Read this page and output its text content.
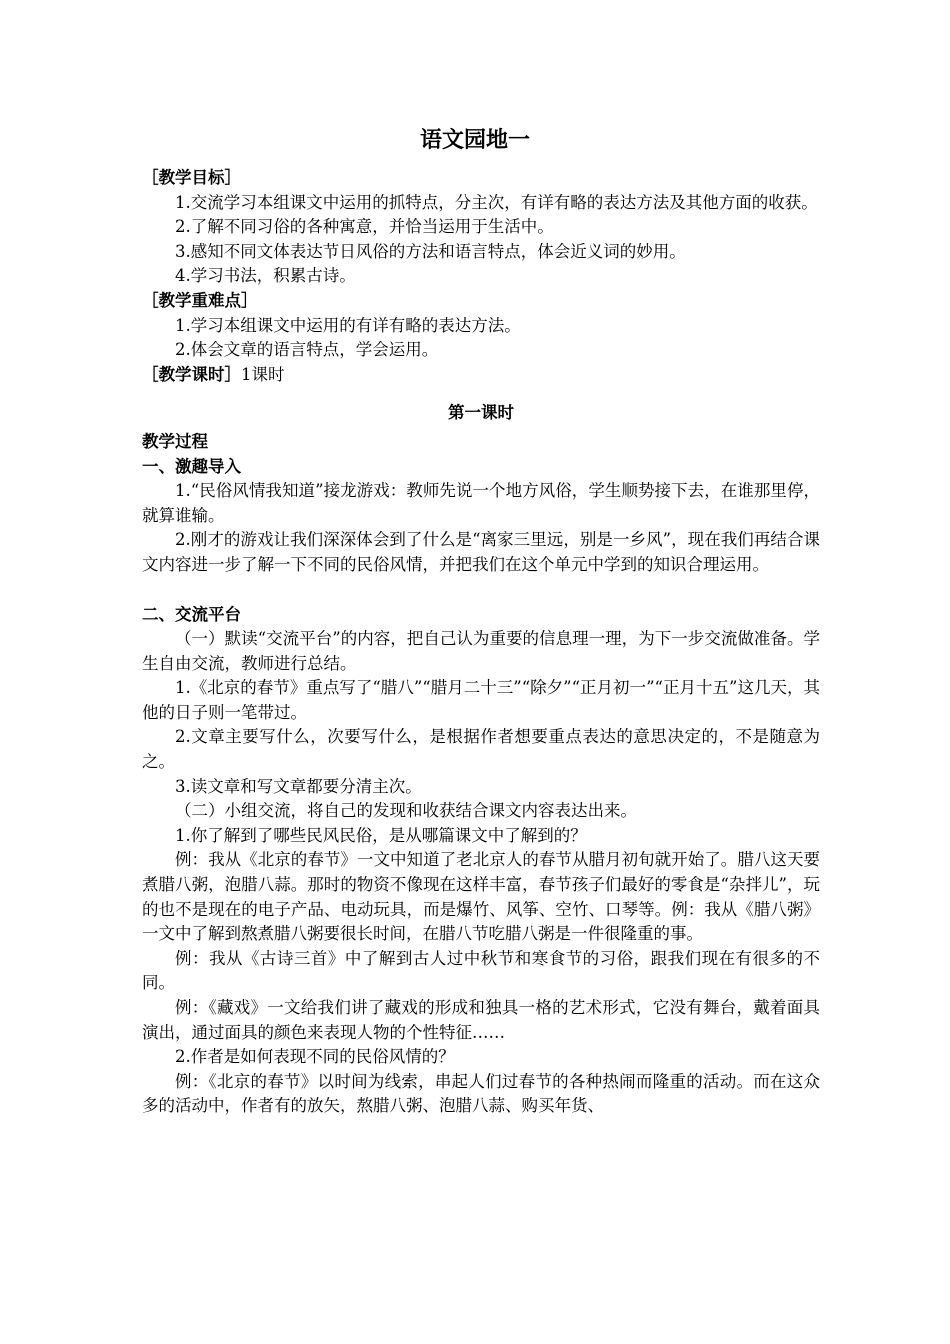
语文园地一

［教学目标］

1.交流学习本组课文中运用的抓特点，分主次，有详有略的表达方法及其他方面的收获。

2.了解不同习俗的各种寓意，并恰当运用于生活中。

3.感知不同文体表达节日风俗的方法和语言特点，体会近义词的妙用。

4.学习书法，积累古诗。

［教学重难点］

1.学习本组课文中运用的有详有略的表达方法。

2.体会文章的语言特点，学会运用。

［教学课时］1课时

第一课时

教学过程

一、激趣导入

1.“民俗风情我知道”接龙游戏：教师先说一个地方风俗，学生顺势接下去，在谁那里停，就算谁输。

2.刚才的游戏让我们深深体会到了什么是“离家三里远，别是一乡风”，现在我们再结合课文内容进一步了解一下不同的民俗风情，并把我们在这个单元中学到的知识合理运用。

二、交流平台

（一）默读“交流平台”的内容，把自己认为重要的信息理一理，为下一步交流做准备。学生自由交流，教师进行总结。

1.《北京的春节》重点写了“腊八”“腊月二十三”“除夕”“正月初一”“正月十五”这几天，其他的日子则一笔带过。

2.文章主要写什么，次要写什么，是根据作者想要重点表达的意思决定的，不是随意为之。

3.读文章和写文章都要分清主次。

（二）小组交流，将自己的发现和收获结合课文内容表达出来。

1.你了解到了哪些民风民俗，是从哪篇课文中了解到的？

例：我从《北京的春节》一文中知道了老北京人的春节从腊月初旬就开始了。腊八这天要煮腊八粥，泡腊八蒜。那时的物资不像现在这样丰富，春节孩子们最好的零食是“杂拌儿”，玩的也不是现在的电子产品、电动玩具，而是爆竹、风筝、空竹、口琴等。例：我从《腊八粥》一文中了解到熬煮腊八粥要很长时间，在腊八节吃腊八粥是一件很隆重的事。

例：我从《古诗三首》中了解到古人过中秋节和寒食节的习俗，跟我们现在有很多的不同。

例：《藏戏》一文给我们讲了藏戏的形成和独具一格的艺术形式，它没有舞台，戴着面具演出，通过面具的颜色来表现人物的个性特征……

2.作者是如何表现不同的民俗风情的？

例：《北京的春节》以时间为线索，串起人们过春节的各种热闹而隆重的活动。而在这众多的活动中，作者有的放矢，熬腊八粥、泡腊八蒜、购买年货、
